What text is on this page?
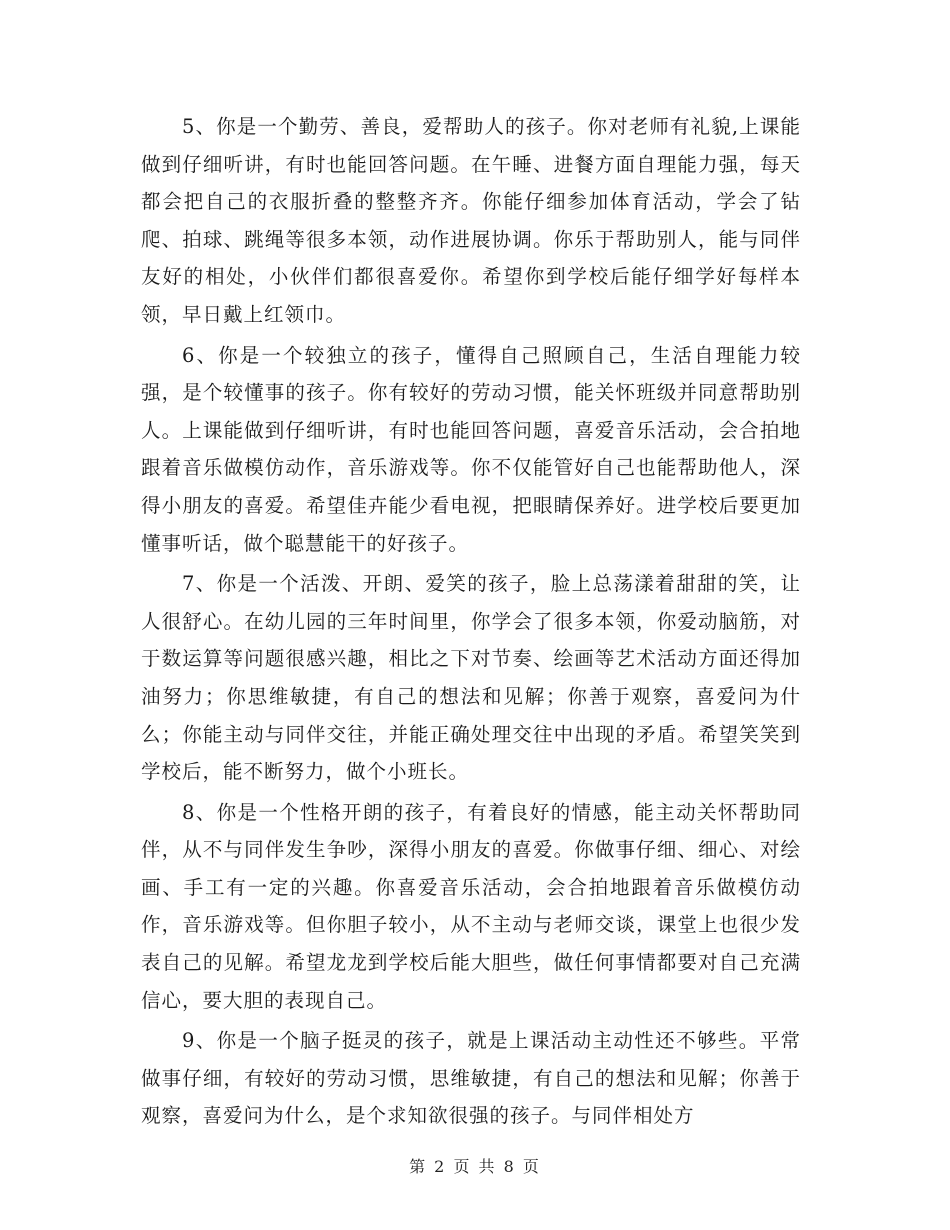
5、你是一个勤劳、善良，爱帮助人的孩子。你对老师有礼貌,上课能做到仔细听讲，有时也能回答问题。在午睡、进餐方面自理能力强，每天都会把自己的衣服折叠的整整齐齐。你能仔细参加体育活动，学会了钻爬、拍球、跳绳等很多本领，动作进展协调。你乐于帮助别人，能与同伴友好的相处，小伙伴们都很喜爱你。希望你到学校后能仔细学好每样本领，早日戴上红领巾。

6、你是一个较独立的孩子，懂得自己照顾自己，生活自理能力较强，是个较懂事的孩子。你有较好的劳动习惯，能关怀班级并同意帮助别人。上课能做到仔细听讲，有时也能回答问题，喜爱音乐活动，会合拍地跟着音乐做模仿动作，音乐游戏等。你不仅能管好自己也能帮助他人，深得小朋友的喜爱。希望佳卉能少看电视，把眼睛保养好。进学校后要更加懂事听话，做个聪慧能干的好孩子。

7、你是一个活泼、开朗、爱笑的孩子，脸上总荡漾着甜甜的笑，让人很舒心。在幼儿园的三年时间里，你学会了很多本领，你爱动脑筋，对于数运算等问题很感兴趣，相比之下对节奏、绘画等艺术活动方面还得加油努力；你思维敏捷，有自己的想法和见解；你善于观察，喜爱问为什么；你能主动与同伴交往，并能正确处理交往中出现的矛盾。希望笑笑到学校后，能不断努力，做个小班长。

8、你是一个性格开朗的孩子，有着良好的情感，能主动关怀帮助同伴，从不与同伴发生争吵，深得小朋友的喜爱。你做事仔细、细心、对绘画、手工有一定的兴趣。你喜爱音乐活动，会合拍地跟着音乐做模仿动作，音乐游戏等。但你胆子较小，从不主动与老师交谈，课堂上也很少发表自己的见解。希望龙龙到学校后能大胆些，做任何事情都要对自己充满信心，要大胆的表现自己。

9、你是一个脑子挺灵的孩子，就是上课活动主动性还不够些。平常做事仔细，有较好的劳动习惯，思维敏捷，有自己的想法和见解；你善于观察，喜爱问为什么，是个求知欲很强的孩子。与同伴相处方

第 2 页 共 8 页
